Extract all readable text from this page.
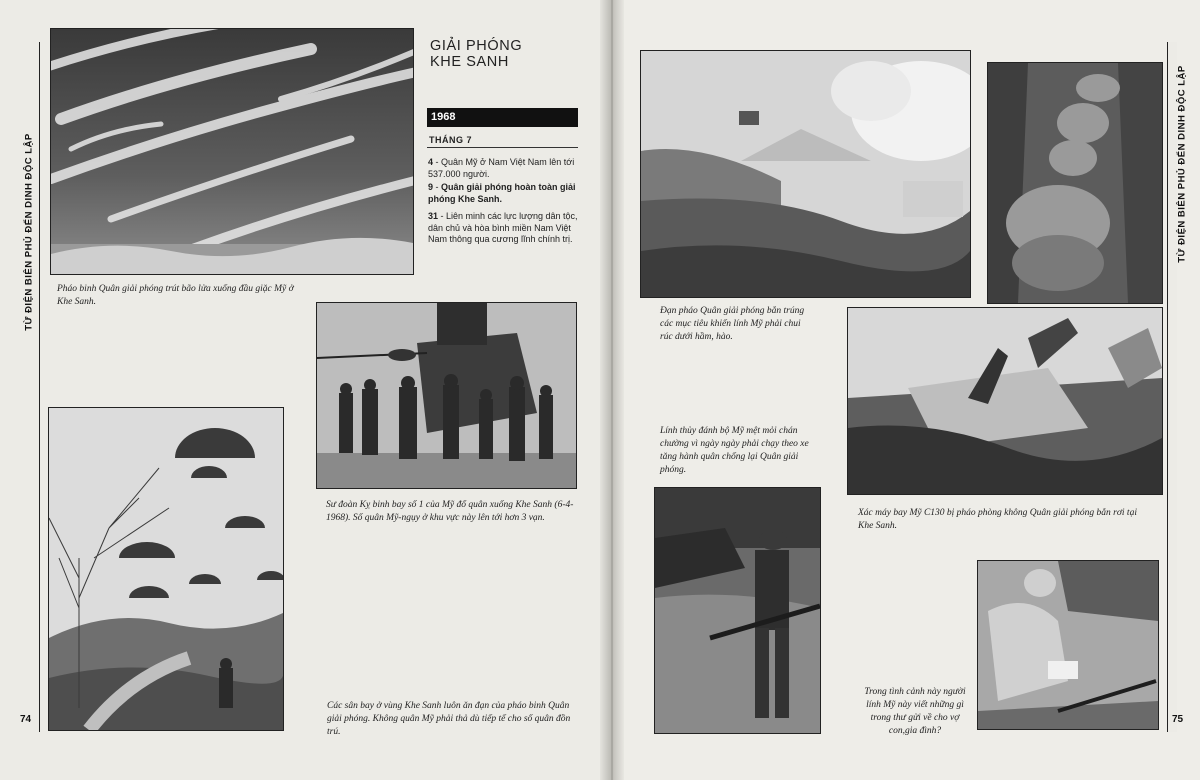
TỪ ĐIỆN BIÊN PHỦ ĐẾN DINH ĐỘC LẬP
74
Pháo binh Quân giải phóng trút bão lửa xuống đầu giặc Mỹ ở Khe Sanh.
GIẢI PHÓNG
KHE SANH
1968
THÁNG 7
4 - Quân Mỹ ở Nam Việt Nam lên tới 537.000 người.
9 - Quân giải phóng hoàn toàn giải phóng Khe Sanh.
31 - Liên minh các lực lượng dân tộc, dân chủ và hòa bình miền Nam Việt Nam thông qua cương lĩnh chính trị.
Sư đoàn Kỵ binh bay số 1 của Mỹ đổ quân xuống Khe Sanh (6-4-1968). Số quân Mỹ-ngụy ở khu vực này lên tới hơn 3 vạn.
Các sân bay ở vùng Khe Sanh luôn ăn đạn của pháo binh Quân giải phóng. Không quân Mỹ phải thả dù tiếp tế cho số quân đồn trú.
TỪ ĐIỆN BIÊN PHỦ ĐẾN DINH ĐỘC LẬP
75
Đạn pháo Quân giải phóng bắn trúng các mục tiêu khiến lính Mỹ phải chui rúc dưới hầm, hào.
Lính thủy đánh bộ Mỹ mệt mỏi chán chường vì ngày ngày phải chạy theo xe tăng hành quân chống lại Quân giải phóng.
Xác máy bay Mỹ C130 bị pháo phòng không Quân giải phóng bắn rơi tại Khe Sanh.
Trong tình cảnh này người lính Mỹ này viết những gì trong thư gửi về cho vợ con,gia đình?
